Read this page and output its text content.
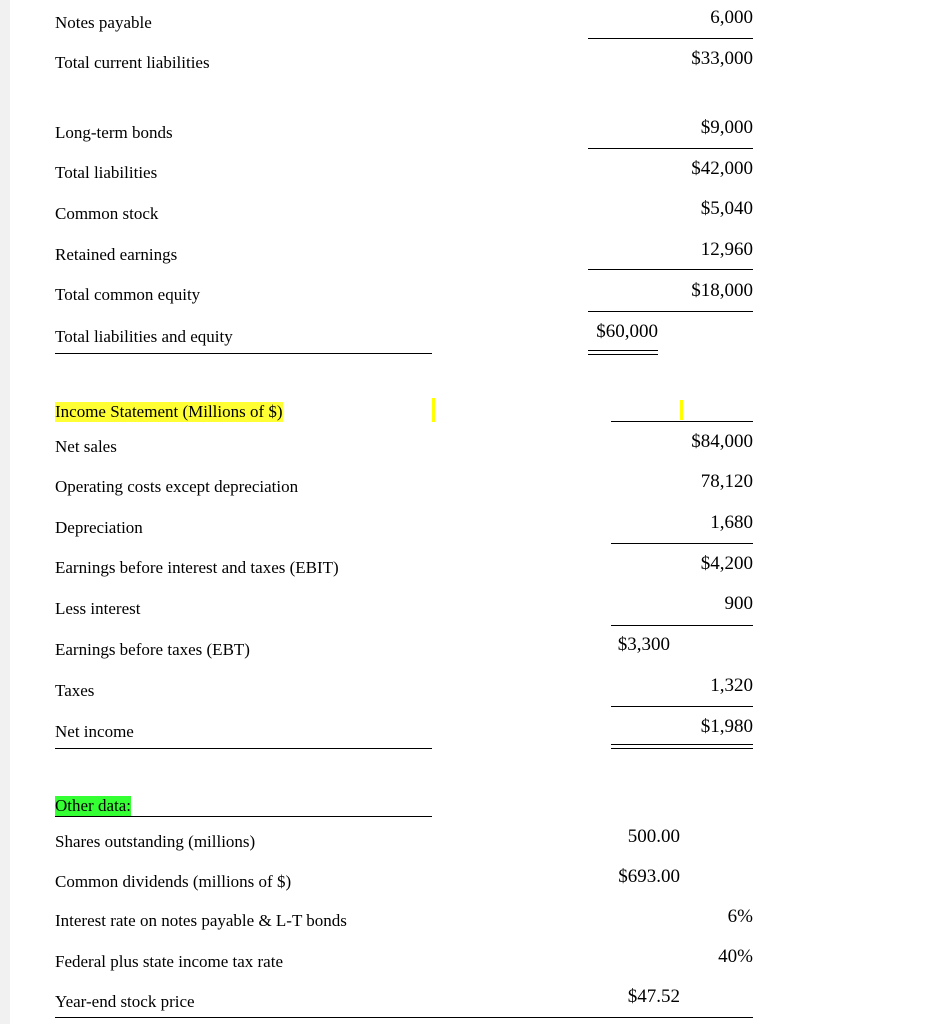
Notes payable	6,000
Total current liabilities	$33,000
Long-term bonds	$9,000
Total liabilities	$42,000
Common stock	$5,040
Retained earnings	12,960
Total common equity	$18,000
Total liabilities and equity	$60,000
Income Statement (Millions of $)
Net sales	$84,000
Operating costs except depreciation	78,120
Depreciation	1,680
Earnings before interest and taxes (EBIT)	$4,200
Less interest	900
Earnings before taxes (EBT)	$3,300
Taxes	1,320
Net income	$1,980
Other data:
Shares outstanding (millions)	500.00
Common dividends (millions of $)	$693.00
Interest rate on notes payable & L-T bonds	6%
Federal plus state income tax rate	40%
Year-end stock price	$47.52
